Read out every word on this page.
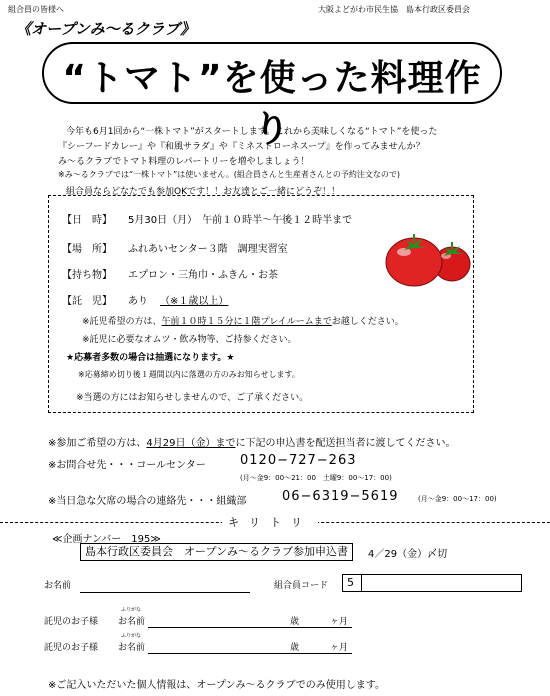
組合員の皆様へ	大阪よどがわ市民生協　島本行政区委員会
《オープンみ〜るクラブ》
“トマト”を使った料理作り
今年も6月1回から“一株トマト”がスタートします。これから美味しくなる“トマト”を使った
『シーフードカレー』や『和風サラダ』や『ミネストローネスープ』を作ってみませんか？
み〜るクラブでトマト料理のレパートリーを増やしましょう！
※み〜るクラブでは“一株トマト”は使いません。(組合員さんと生産者さんとの予約注文なので)
組合員ならどなたでも参加OKです！！お友達とご一緒にどうぞ！！
【日　時】 5月30日（月）　午前１０時半〜午後１２時半まで
【場　所】 ふれあいセンター３階　調理実習室
【持ち物】 エプロン・三角巾・ふきん・お茶
【託　児】 あり （※１歳以上）
※託児希望の方は、午前１０時１５分に１階プレイルームまでお越しください。
※託児に必要なオムツ・飲み物等、ご持参ください。
★応募者多数の場合は抽選になります。★
※応募締め切り後１週間以内に落選の方のみお知らせします。
※当選の方にはお知らせしませんので、ご了承ください。
※参加ご希望の方は、4月29日（金）までに下記の申込書を配送担当者に渡してください。
※お問合せ先・・・コールセンター	0120−727−263
(月〜金9：00〜21：00　土曜9：00〜17：00)
※当日急な欠席の場合の連絡先・・・組織部	06−6319−5619	(月〜金9：00〜17：00)
キリトリ
≪企画ナンバー　195≫
島本行政区委員会　オープンみ〜るクラブ参加申込書	4／29（金）〆切
お名前	組合員コード	5
託児のお子様
ふりがな
お名前	歳	ヶ月
託児のお子様
ふりがな
お名前	歳	ヶ月
※ご記入いただいた個人情報は、オープンみ〜るクラブでのみ使用します。
